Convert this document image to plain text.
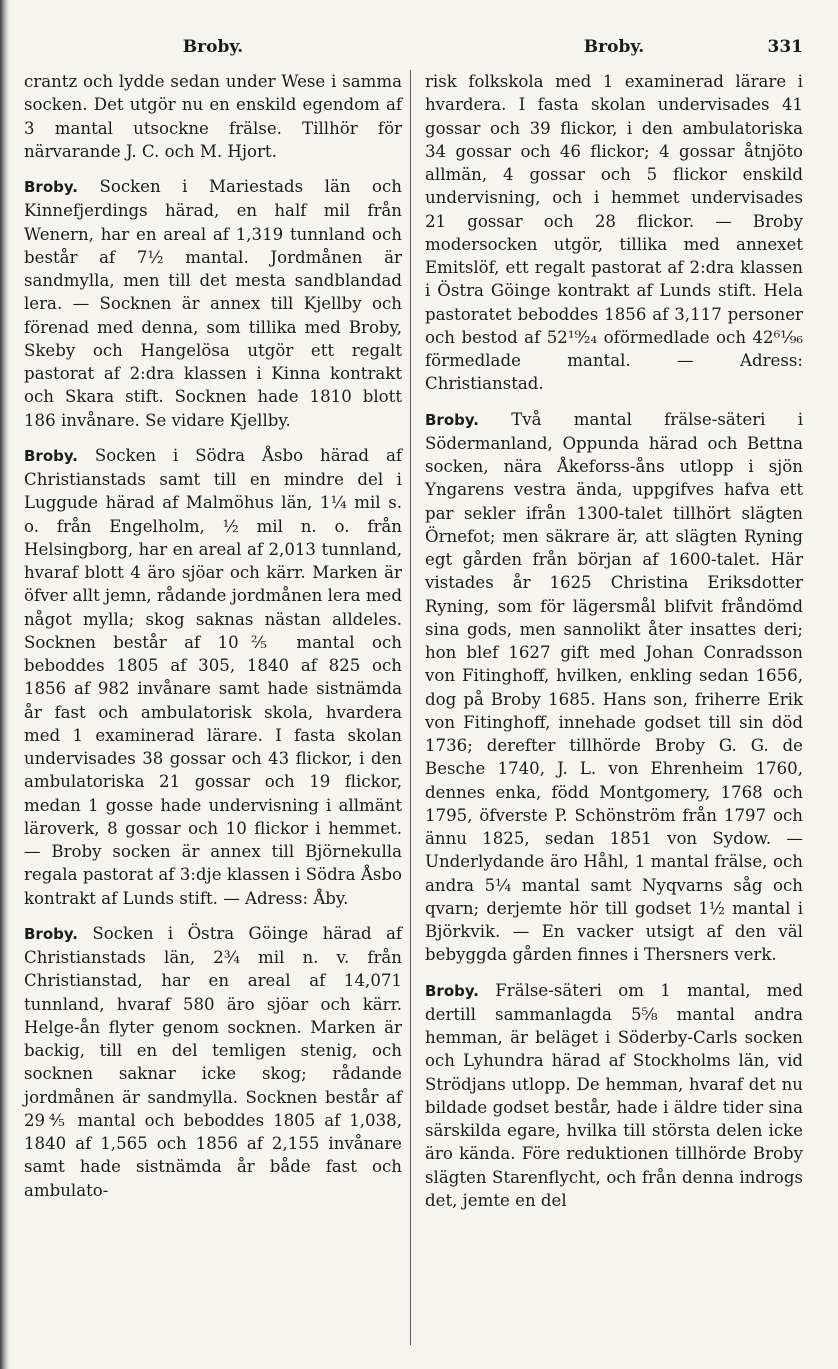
Broby.	Broby.	331

crantz och lydde sedan under Wese i samma socken. Det utgör nu en enskild egendom af 3 mantal utsockne frälse. Tillhör för närvarande J. C. och M. Hjort.

Broby. Socken i Mariestads län och Kinnefjerdings härad, en half mil från Wenern, har en areal af 1,319 tunnland och består af 7½ mantal. Jordmånen är sandmylla, men till det mesta sandblandad lera. — Socknen är annex till Kjellby och förenad med denna, som tillika med Broby, Skeby och Hangelösa utgör ett regalt pastorat af 2:dra klassen i Kinna kontrakt och Skara stift. Socknen hade 1810 blott 186 invånare. Se vidare Kjellby.

Broby. Socken i Södra Åsbo härad af Christianstads samt till en mindre del i Luggude härad af Malmöhus län, 1¼ mil s. o. från Engelholm, ½ mil n. o. från Helsingborg, har en areal af 2,013 tunnland, hvaraf blott 4 äro sjöar och kärr. Marken är öfver allt jemn, rådande jordmånen lera med något mylla; skog saknas nästan alldeles. Socknen består af 10⅖ mantal och beboddes 1805 af 305, 1840 af 825 och 1856 af 982 invånare samt hade sistnämda år fast och ambulatorisk skola, hvardera med 1 examinerad lärare. I fasta skolan undervisades 38 gossar och 43 flickor, i den ambulatoriska 21 gossar och 19 flickor, medan 1 gosse hade undervisning i allmänt läroverk, 8 gossar och 10 flickor i hemmet. — Broby socken är annex till Björnekulla regala pastorat af 3:dje klassen i Södra Åsbo kontrakt af Lunds stift. — Adress: Åby.

Broby. Socken i Östra Göinge härad af Christianstads län, 2¾ mil n. v. från Christianstad, har en areal af 14,071 tunnland, hvaraf 580 äro sjöar och kärr. Helge-ån flyter genom socknen. Marken är backig, till en del temligen stenig, och socknen saknar icke skog; rådande jordmånen är sandmylla. Socknen består af 29⅘ mantal och beboddes 1805 af 1,038, 1840 af 1,565 och 1856 af 2,155 invånare samt hade sistnämda år både fast och ambulato-

risk folkskola med 1 examinerad lärare i hvardera. I fasta skolan undervisades 41 gossar och 39 flickor, i den ambulatoriska 34 gossar och 46 flickor; 4 gossar åtnjöto allmän, 4 gossar och 5 flickor enskild undervisning, och i hemmet undervisades 21 gossar och 28 flickor. — Broby modersocken utgör, tillika med annexet Emitslöf, ett regalt pastorat af 2:dra klassen i Östra Göinge kontrakt af Lunds stift. Hela pastoratet beboddes 1856 af 3,117 personer och bestod af 52¹⁹⁄₂₄ oförmedlade och 42⁶¹⁄₉₆ förmedlade mantal. — Adress: Christianstad.

Broby. Två mantal frälse-säteri i Södermanland, Oppunda härad och Bettna socken, nära Åkeforss-åns utlopp i sjön Yngarens vestra ända, uppgifves hafva ett par sekler ifrån 1300-talet tillhört slägten Örnefot; men säkrare är, att slägten Ryning egt gården från början af 1600-talet. Här vistades år 1625 Christina Eriksdotter Ryning, som för lägersmål blifvit fråndömd sina gods, men sannolikt åter insattes deri; hon blef 1627 gift med Johan Conradsson von Fitinghoff, hvilken, enkling sedan 1656, dog på Broby 1685. Hans son, friherre Erik von Fitinghoff, innehade godset till sin död 1736; derefter tillhörde Broby G. G. de Besche 1740, J. L. von Ehrenheim 1760, dennes enka, född Montgomery, 1768 och 1795, öfverste P. Schönström från 1797 och ännu 1825, sedan 1851 von Sydow. — Underlydande äro Håhl, 1 mantal frälse, och andra 5¼ mantal samt Nyqvarns såg och qvarn; derjemte hör till godset 1½ mantal i Björkvik. — En vacker utsigt af den väl bebyggda gården finnes i Thersners verk.

Broby. Frälse-säteri om 1 mantal, med dertill sammanlagda 5⅝ mantal andra hemman, är beläget i Söderby-Carls socken och Lyhundra härad af Stockholms län, vid Strödjans utlopp. De hemman, hvaraf det nu bildade godset består, hade i äldre tider sina särskilda egare, hvilka till största delen icke äro kända. Före reduktionen tillhörde Broby slägten Starenflycht, och från denna indrogs det, jemte en del
